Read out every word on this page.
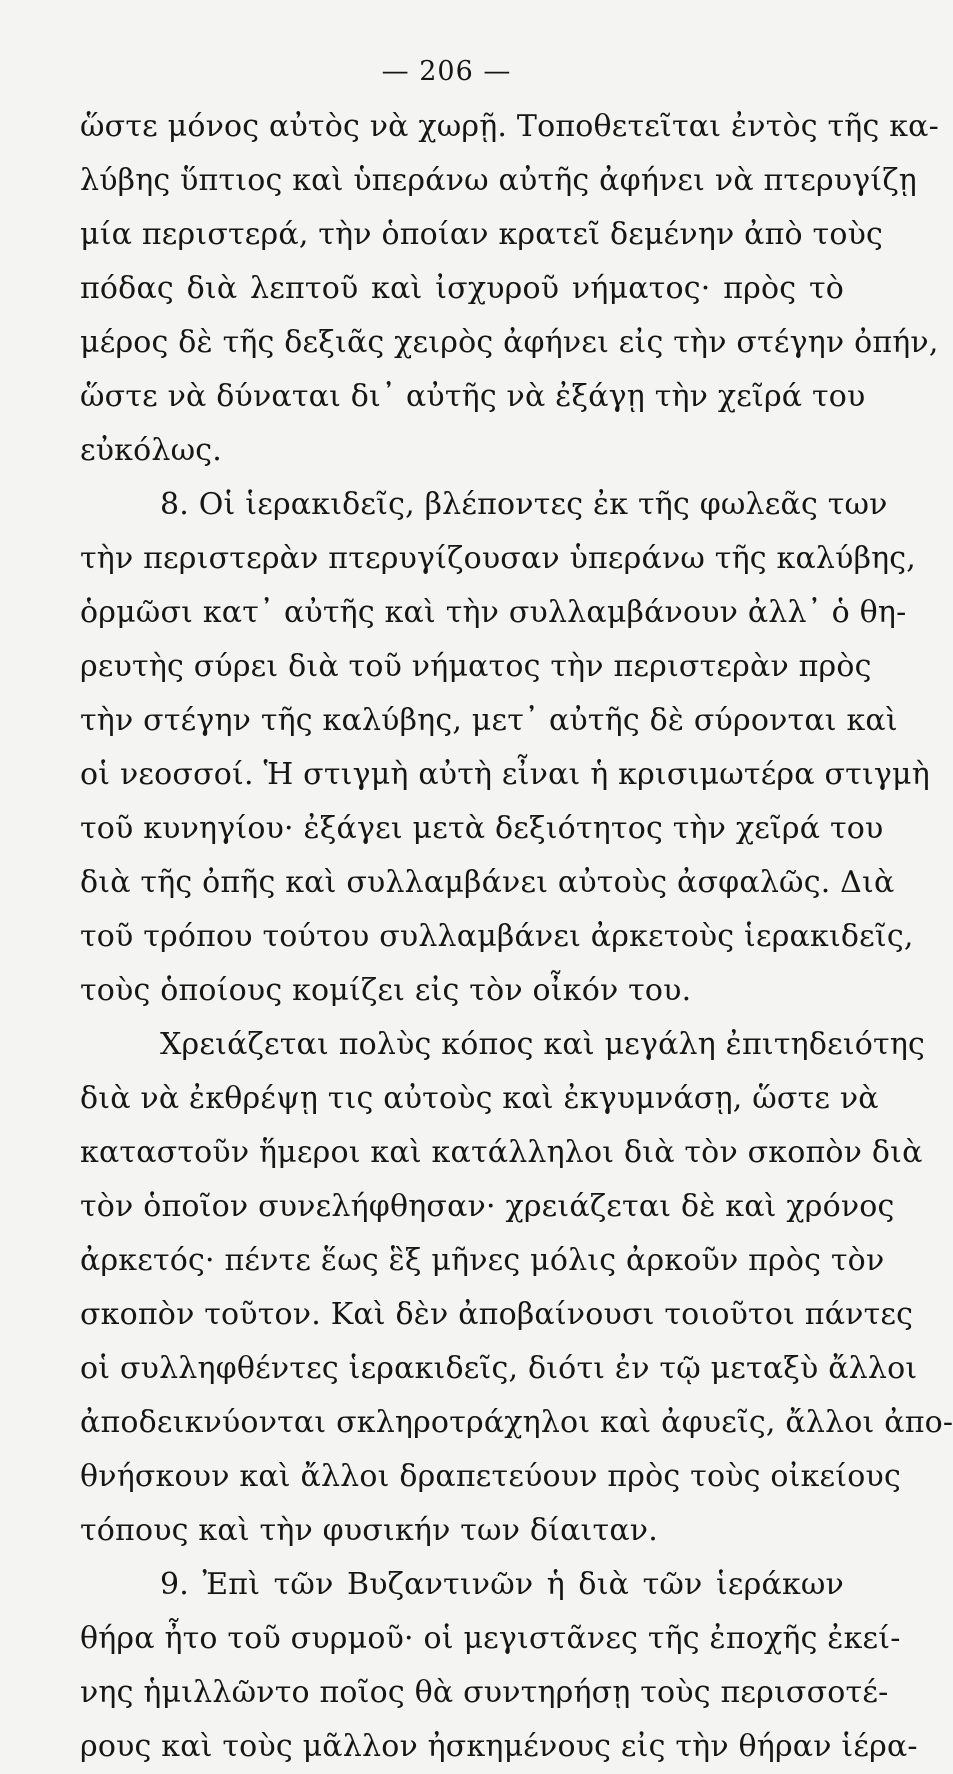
— 206 —
ὥστε μόνος αὐτὸς νὰ χωρῇ. Τοποθετεῖται ἐντὸς τῆς κα-
λύβης ὕπτιος καὶ ὑπεράνω αὐτῆς ἀφήνει νὰ πτερυγίζῃ
μία περιστερά, τὴν ὁποίαν κρατεῖ δεμένην ἀπὸ τοὺς
πόδας διὰ λεπτοῦ καὶ ἰσχυροῦ νήματος· πρὸς τὸ
μέρος δὲ τῆς δεξιᾶς χειρὸς ἀφήνει εἰς τὴν στέγην ὀπήν,
ὥστε νὰ δύναται δι᾽ αὐτῆς νὰ ἐξάγῃ τὴν χεῖρά του
εὐκόλως.
8. Οἱ ἱερακιδεῖς, βλέποντες ἐκ τῆς φωλεᾶς των
τὴν περιστερὰν πτερυγίζουσαν ὑπεράνω τῆς καλύβης,
ὁρμῶσι κατ᾽ αὐτῆς καὶ τὴν συλλαμβάνουν ἀλλ᾽ ὁ θη-
ρευτὴς σύρει διὰ τοῦ νήματος τὴν περιστερὰν πρὸς
τὴν στέγην τῆς καλύβης, μετ᾽ αὐτῆς δὲ σύρονται καὶ
οἱ νεοσσοί. Ἡ στιγμὴ αὐτὴ εἶναι ἡ κρισιμωτέρα στιγμὴ
τοῦ κυνηγίου· ἐξάγει μετὰ δεξιότητος τὴν χεῖρά του
διὰ τῆς ὀπῆς καὶ συλλαμβάνει αὐτοὺς ἀσφαλῶς. Διὰ
τοῦ τρόπου τούτου συλλαμβάνει ἀρκετοὺς ἱερακιδεῖς,
τοὺς ὁποίους κομίζει εἰς τὸν οἶκόν του.
Χρειάζεται πολὺς κόπος καὶ μεγάλη ἐπιτηδειότης
διὰ νὰ ἐκθρέψῃ τις αὐτοὺς καὶ ἐκγυμνάσῃ, ὥστε νὰ
καταστοῦν ἥμεροι καὶ κατάλληλοι διὰ τὸν σκοπὸν διὰ
τὸν ὁποῖον συνελήφθησαν· χρειάζεται δὲ καὶ χρόνος
ἀρκετός· πέντε ἕως ἓξ μῆνες μόλις ἀρκοῦν πρὸς τὸν
σκοπὸν τοῦτον. Καὶ δὲν ἀποβαίνουσι τοιοῦτοι πάντες
οἱ συλληφθέντες ἱερακιδεῖς, διότι ἐν τῷ μεταξὺ ἄλλοι
ἀποδεικνύονται σκληροτράχηλοι καὶ ἀφυεῖς, ἄλλοι ἀπο-
θνήσκουν καὶ ἄλλοι δραπετεύουν πρὸς τοὺς οἰκείους
τόπους καὶ τὴν φυσικήν των δίαιταν.
9. Ἐπὶ τῶν Βυζαντινῶν ἡ διὰ τῶν ἱεράκων
θήρα ἦτο τοῦ συρμοῦ· οἱ μεγιστᾶνες τῆς ἐποχῆς ἐκεί-
νης ἡμιλλῶντο ποῖος θὰ συντηρήσῃ τοὺς περισσοτέ-
ρους καὶ τοὺς μᾶλλον ἠσκημένους εἰς τὴν θήραν ἱέρα-
